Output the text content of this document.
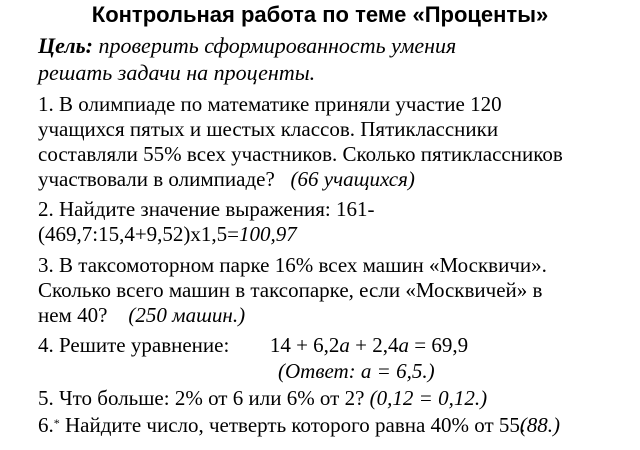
Контрольная работа по теме «Проценты»
Цель: проверить сформированность умения
решать задачи на проценты.
1. В олимпиаде по математике приняли участие 120
учащихся пятых и шестых классов. Пятиклассники
составляли 55% всех участников. Сколько пятиклассников
участвовали в олимпиаде? (66 учащихся)
2. Найдите значение выражения: 161-
(469,7:15,4+9,52)х1,5=100,97
3. В таксомоторном парке 16% всех машин «Москвичи».
Сколько всего машин в таксопарке, если «Москвичей» в
нем 40? (250 машин.)
4. Решите уравнение: 14 + 6,2a + 2,4a = 69,9
(Ответ: а = 6,5.)
5. Что больше: 2% от 6 или 6% от 2? (0,12 = 0,12.)
6.* Найдите число, четверть которого равна 40% от 55.
(88.)
